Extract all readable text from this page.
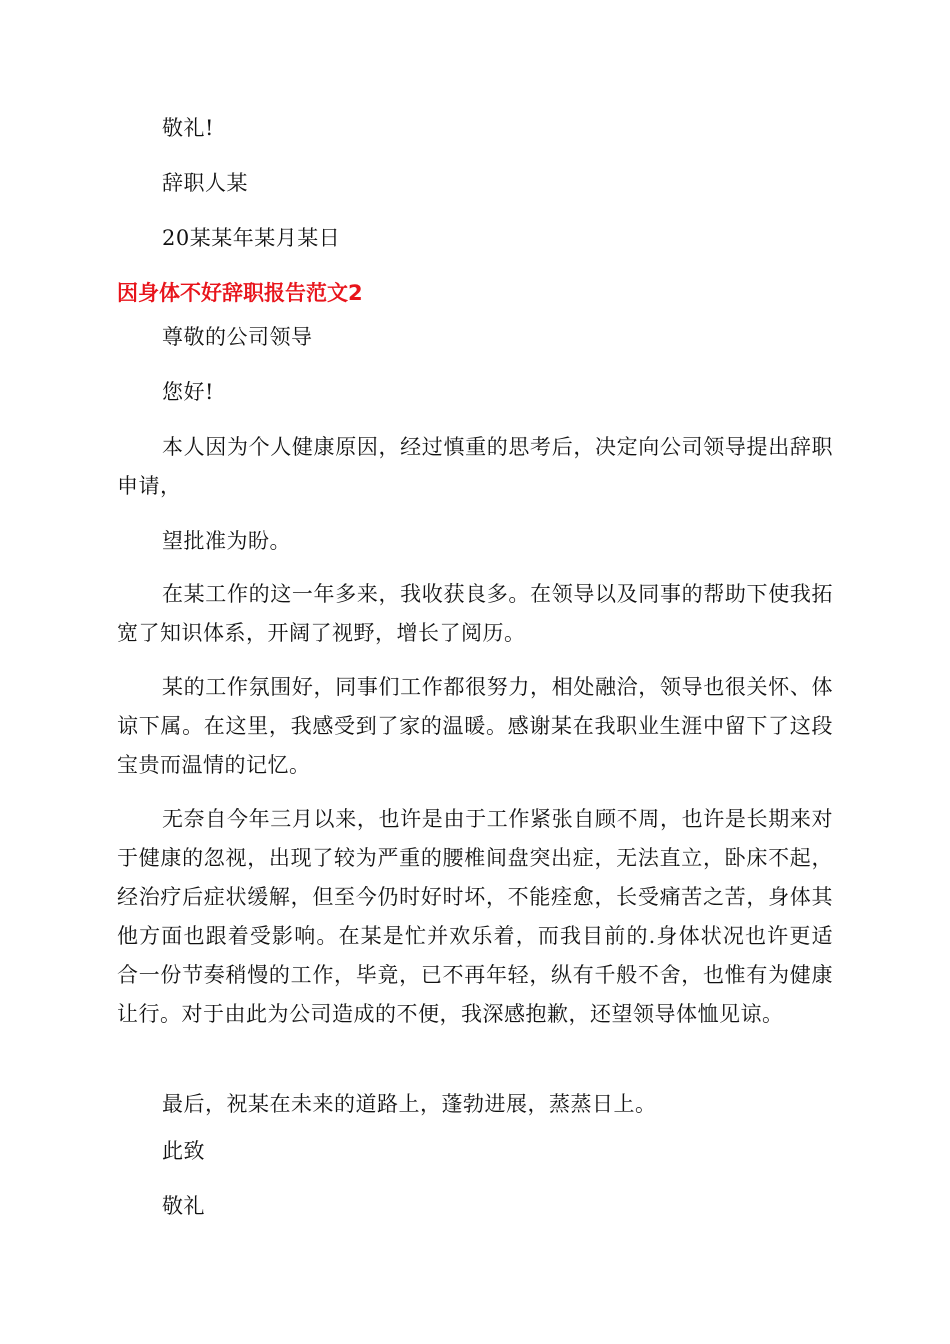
敬礼!

辞职人某

20某某年某月某日

因身体不好辞职报告范文2

尊敬的公司领导

您好!

本人因为个人健康原因，经过慎重的思考后，决定向公司领导提出辞职申请，

望批准为盼。

在某工作的这一年多来，我收获良多。在领导以及同事的帮助下使我拓宽了知识体系，开阔了视野，增长了阅历。

某的工作氛围好，同事们工作都很努力，相处融洽，领导也很关怀、体谅下属。在这里，我感受到了家的温暖。感谢某在我职业生涯中留下了这段宝贵而温情的记忆。

无奈自今年三月以来，也许是由于工作紧张自顾不周，也许是长期来对于健康的忽视，出现了较为严重的腰椎间盘突出症，无法直立，卧床不起，经治疗后症状缓解，但至今仍时好时坏，不能痊愈，长受痛苦之苦，身体其他方面也跟着受影响。在某是忙并欢乐着，而我目前的.身体状况也许更适合一份节奏稍慢的工作，毕竟，已不再年轻，纵有千般不舍，也惟有为健康让行。对于由此为公司造成的不便，我深感抱歉，还望领导体恤见谅。

最后，祝某在未来的道路上，蓬勃进展，蒸蒸日上。

此致

敬礼
